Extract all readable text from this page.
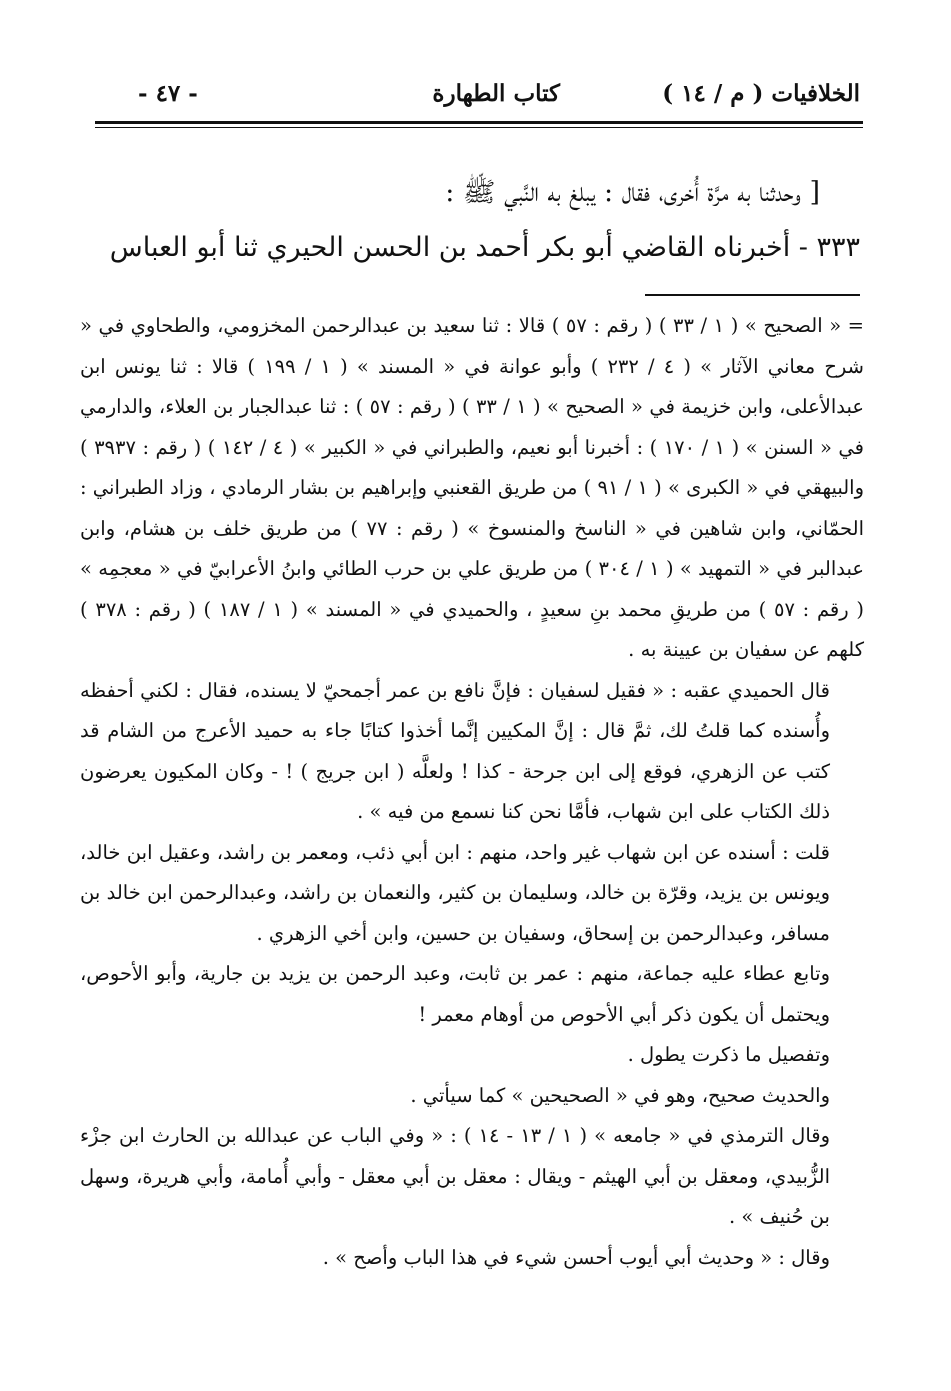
الخلافيات ( م / ١٤ )
كتاب الطهارة
- ٤٧ -

[ وحدثنا به مرَّة أُخرى، فقال : يبلغ به النَّبي ﷺ :

٣٣٣ - أخبرناه القاضي أبو بكر أحمد بن الحسن الحيري ثنا أبو العباس

= « الصحيح » ( ١ / ٣٣ ) ( رقم : ٥٧ ) قالا : ثنا سعيد بن عبدالرحمن المخزومي، والطحاوي في « شرح معاني الآثار » ( ٤ / ٢٣٢ ) وأبو عوانة في « المسند » ( ١ / ١٩٩ ) قالا : ثنا يونس ابن عبدالأعلى، وابن خزيمة في « الصحيح » ( ١ / ٣٣ ) ( رقم : ٥٧ ) : ثنا عبدالجبار بن العلاء، والدارمي في « السنن » ( ١ / ١٧٠ ) : أخبرنا أبو نعيم، والطبراني في « الكبير » ( ٤ / ١٤٢ ) ( رقم : ٣٩٣٧ ) والبيهقي في « الكبرى » ( ١ / ٩١ ) من طريق القعنبي وإبراهيم بن بشار الرمادي ، وزاد الطبراني : الحمّاني، وابن شاهين في « الناسخ والمنسوخ » ( رقم : ٧٧ ) من طريق خلف بن هشام، وابن عبدالبر في « التمهيد » ( ١ / ٣٠٤ ) من طريق علي بن حرب الطائي وابنُ الأعرابيّ في « معجمِه » ( رقم : ٥٧ ) من طريقِ محمد بنِ سعيدٍ ، والحميدي في « المسند » ( ١ / ١٨٧ ) ( رقم : ٣٧٨ ) كلهم عن سفيان بن عيينة به .

قال الحميدي عقبه : « فقيل لسفيان : فإنَّ نافع بن عمر أجمحيّ لا يسنده، فقال : لكني أحفظه وأُسنده كما قلتُ لك، ثمَّ قال : إنَّ المكيين إنَّما أخذوا كتابًا جاء به حميد الأعرج من الشام قد كتب عن الزهري، فوقع إلى ابن جرحة - كذا ! ولعلَّه ( ابن جريج ) ! - وكان المكيون يعرضون ذلك الكتاب على ابن شهاب، فأمَّا نحن كنا نسمع من فيه » .

قلت : أسنده عن ابن شهاب غير واحد، منهم : ابن أبي ذئب، ومعمر بن راشد، وعقيل ابن خالد، ويونس بن يزيد، وقرّة بن خالد، وسليمان بن كثير، والنعمان بن راشد، وعبدالرحمن ابن خالد بن مسافر، وعبدالرحمن بن إسحاق، وسفيان بن حسين، وابن أخي الزهري .

وتابع عطاء عليه جماعة، منهم : عمر بن ثابت، وعبد الرحمن بن يزيد بن جارية، وأبو الأحوص، ويحتمل أن يكون ذكر أبي الأحوص من أوهام معمر !

وتفصيل ما ذكرت يطول .

والحديث صحيح، وهو في « الصحيحين » كما سيأتي .

وقال الترمذي في « جامعه » ( ١ / ١٣ - ١٤ ) : « وفي الباب عن عبدالله بن الحارث ابن جزْء الزُّبيدي، ومعقل بن أبي الهيثم - ويقال : معقل بن أبي معقل - وأبي أُمامة، وأبي هريرة، وسهل بن حُنيف » .

وقال : « وحديث أبي أيوب أحسن شيء في هذا الباب وأصح » .
